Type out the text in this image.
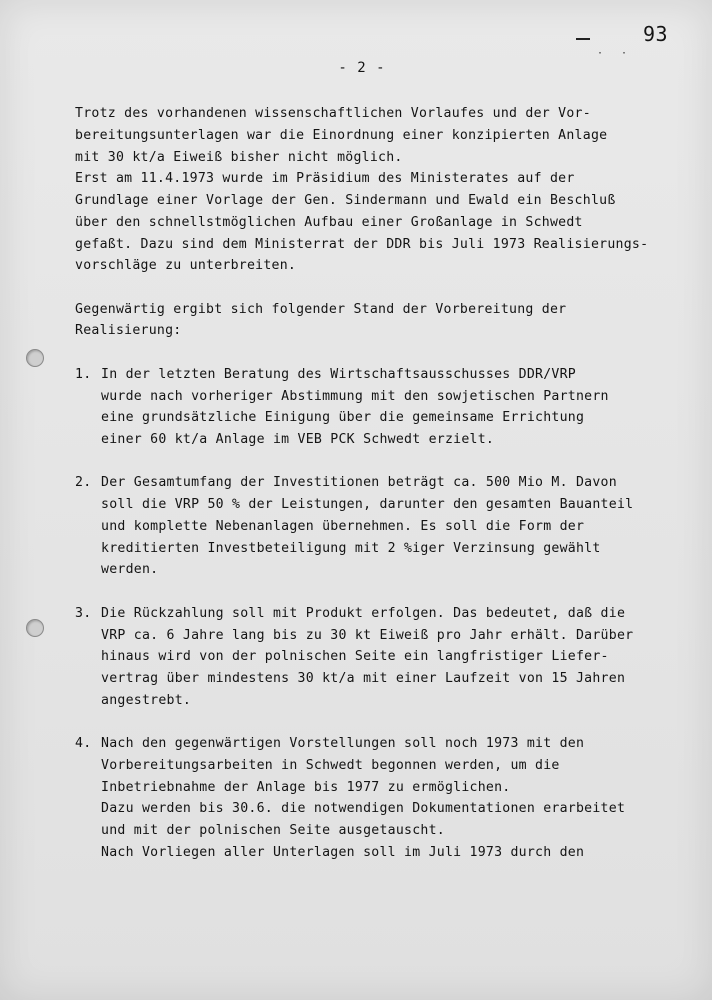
· ·
93
- 2 -
Trotz des vorhandenen wissenschaftlichen Vorlaufes und der Vor-
bereitungsunterlagen war die Einordnung einer konzipierten Anlage
mit 30 kt/a Eiweiß bisher nicht möglich.
Erst am 11.4.1973 wurde im Präsidium des Ministerates auf der
Grundlage einer Vorlage der Gen. Sindermann und Ewald ein Beschluß
über den schnellstmöglichen Aufbau einer Großanlage in Schwedt
gefaßt. Dazu sind dem Ministerrat der DDR bis Juli 1973 Realisierungs-
vorschläge zu unterbreiten.
Gegenwärtig ergibt sich folgender Stand der Vorbereitung der
Realisierung:
1. In der letzten Beratung des Wirtschaftsausschusses DDR/VRP
wurde nach vorheriger Abstimmung mit den sowjetischen Partnern
eine grundsätzliche Einigung über die gemeinsame Errichtung
einer 60 kt/a Anlage im VEB PCK Schwedt erzielt.
2. Der Gesamtumfang der Investitionen beträgt ca. 500 Mio M. Davon
soll die VRP 50 % der Leistungen, darunter den gesamten Bauanteil
und komplette Nebenanlagen übernehmen. Es soll die Form der
kreditierten Investbeteiligung mit 2 %iger Verzinsung gewählt
werden.
3. Die Rückzahlung soll mit Produkt erfolgen. Das bedeutet, daß die
VRP ca. 6 Jahre lang bis zu 30 kt Eiweiß pro Jahr erhält. Darüber
hinaus wird von der polnischen Seite ein langfristiger Liefer-
vertrag über mindestens 30 kt/a mit einer Laufzeit von 15 Jahren
angestrebt.
4. Nach den gegenwärtigen Vorstellungen soll noch 1973 mit den
Vorbereitungsarbeiten in Schwedt begonnen werden, um die
Inbetriebnahme der Anlage bis 1977 zu ermöglichen.
Dazu werden bis 30.6. die notwendigen Dokumentationen erarbeitet
und mit der polnischen Seite ausgetauscht.
Nach Vorliegen aller Unterlagen soll im Juli 1973 durch den
